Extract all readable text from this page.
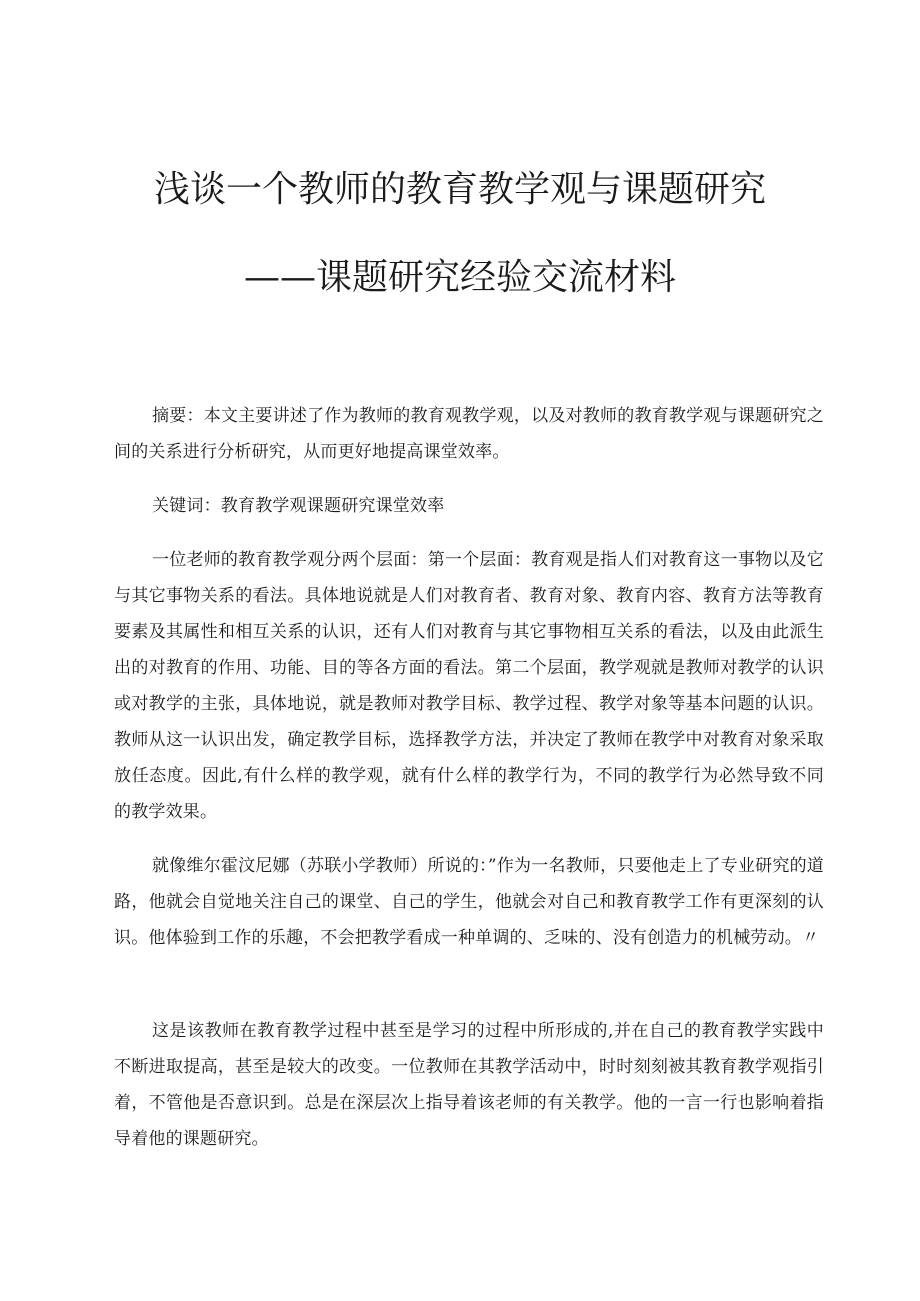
浅谈一个教师的教育教学观与课题研究
——课题研究经验交流材料

摘要：本文主要讲述了作为教师的教育观教学观，以及对教师的教育教学观与课题研究之间的关系进行分析研究，从而更好地提高课堂效率。

关键词：教育教学观课题研究课堂效率

一位老师的教育教学观分两个层面：第一个层面：教育观是指人们对教育这一事物以及它与其它事物关系的看法。具体地说就是人们对教育者、教育对象、教育内容、教育方法等教育要素及其属性和相互关系的认识，还有人们对教育与其它事物相互关系的看法，以及由此派生出的对教育的作用、功能、目的等各方面的看法。第二个层面，教学观就是教师对教学的认识或对教学的主张，具体地说，就是教师对教学目标、教学过程、教学对象等基本问题的认识。教师从这一认识出发，确定教学目标，选择教学方法，并决定了教师在教学中对教育对象采取放任态度。因此,有什么样的教学观，就有什么样的教学行为，不同的教学行为必然导致不同的教学效果。

就像维尔霍汶尼娜（苏联小学教师）所说的：”作为一名教师，只要他走上了专业研究的道路，他就会自觉地关注自己的课堂、自己的学生，他就会对自己和教育教学工作有更深刻的认识。他体验到工作的乐趣，不会把教学看成一种单调的、乏味的、没有创造力的机械劳动。〃

这是该教师在教育教学过程中甚至是学习的过程中所形成的,并在自己的教育教学实践中不断进取提高，甚至是较大的改变。一位教师在其教学活动中，时时刻刻被其教育教学观指引着，不管他是否意识到。总是在深层次上指导着该老师的有关教学。他的一言一行也影响着指导着他的课题研究。
